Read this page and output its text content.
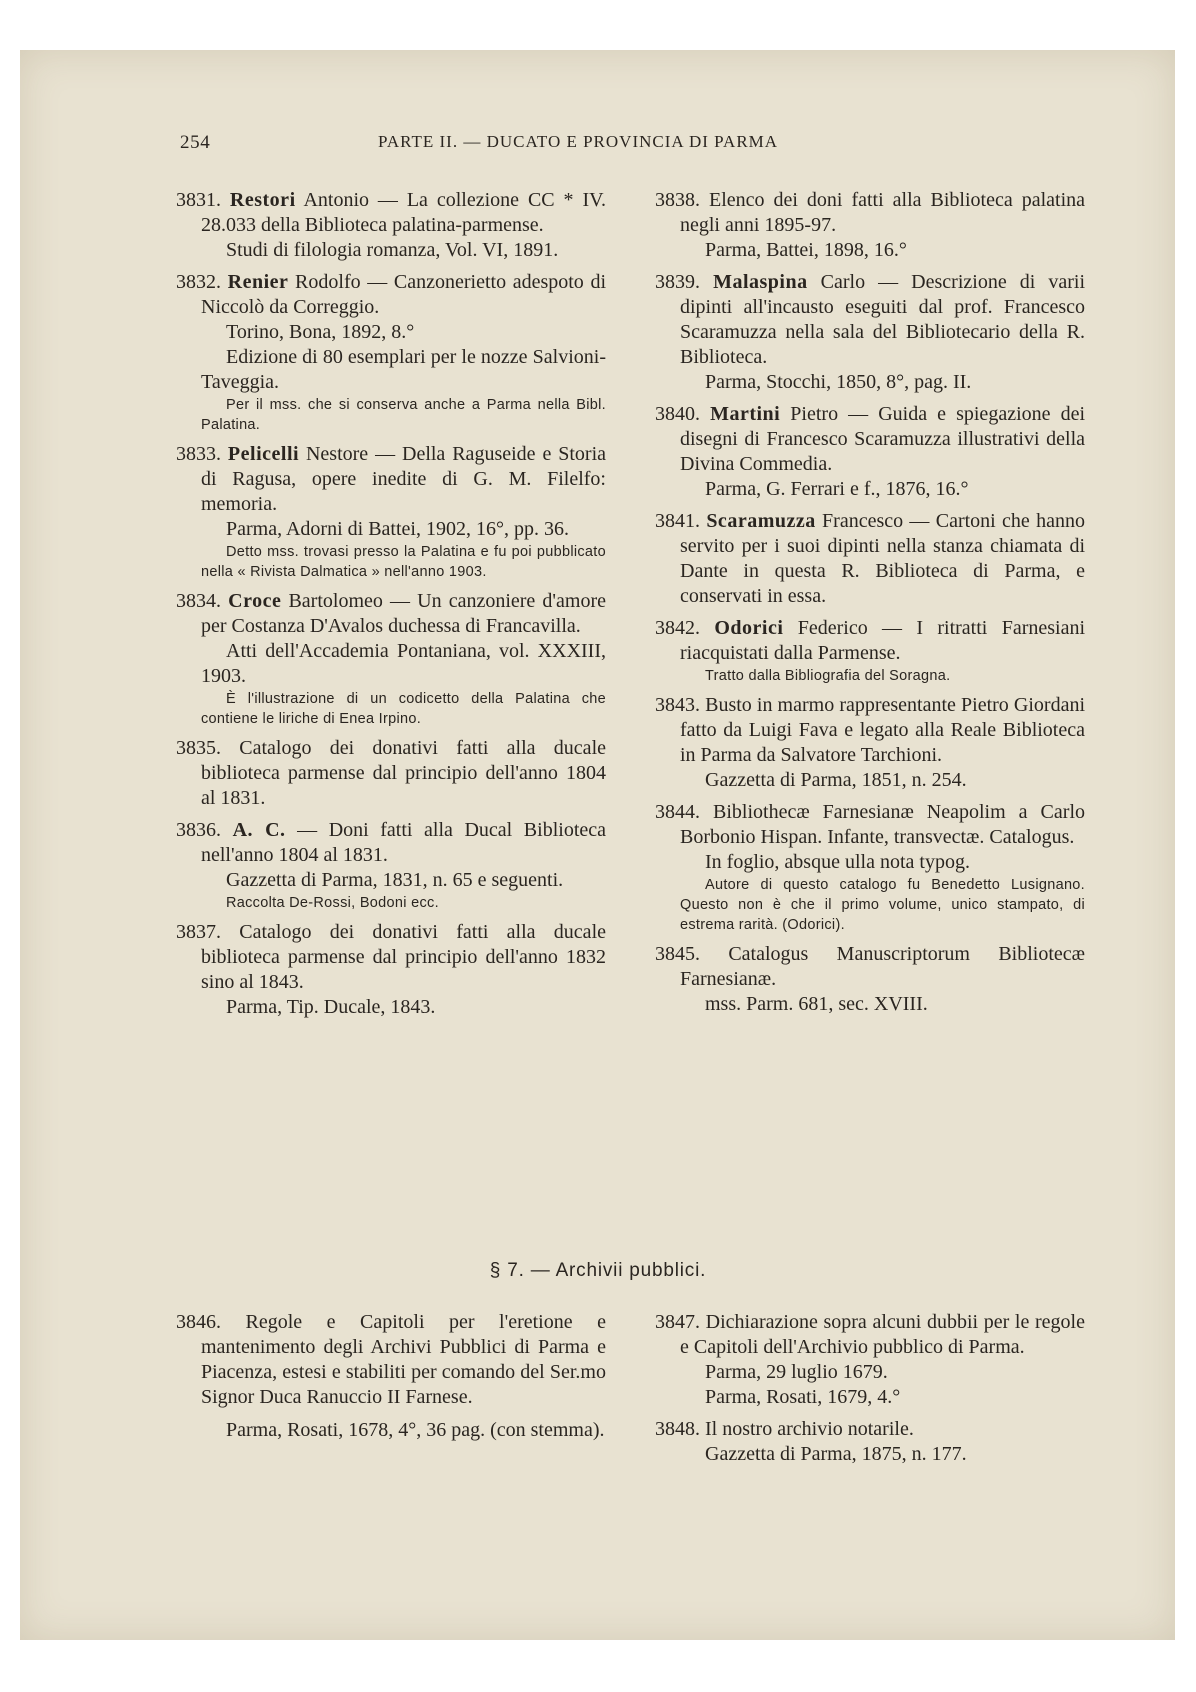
254	PARTE II. — DUCATO E PROVINCIA DI PARMA
3831. Restori Antonio — La collezione CC * IV. 28.033 della Biblioteca palatina-parmense.
Studi di filologia romanza, Vol. VI, 1891.
3832. Renier Rodolfo — Canzonerietto adespoto di Niccolò da Correggio.
Torino, Bona, 1892, 8.°
Edizione di 80 esemplari per le nozze Salvioni-Taveggia.
Per il mss. che si conserva anche a Parma nella Bibl. Palatina.
3833. Pelicelli Nestore — Della Raguseide e Storia di Ragusa, opere inedite di G. M. Filelfo: memoria.
Parma, Adorni di Battei, 1902, 16°, pp. 36.
Detto mss. trovasi presso la Palatina e fu poi pubblicato nella « Rivista Dalmatica » nell'anno 1903.
3834. Croce Bartolomeo — Un canzoniere d'amore per Costanza D'Avalos duchessa di Francavilla.
Atti dell'Accademia Pontaniana, vol. XXXIII, 1903.
È l'illustrazione di un codicetto della Palatina che contiene le liriche di Enea Irpino.
3835. Catalogo dei donativi fatti alla ducale biblioteca parmense dal principio dell'anno 1804 al 1831.
3836. A. C. — Doni fatti alla Ducal Biblioteca nell'anno 1804 al 1831.
Gazzetta di Parma, 1831, n. 65 e seguenti.
Raccolta De-Rossi, Bodoni ecc.
3837. Catalogo dei donativi fatti alla ducale biblioteca parmense dal principio dell'anno 1832 sino al 1843.
Parma, Tip. Ducale, 1843.
3838. Elenco dei doni fatti alla Biblioteca palatina negli anni 1895-97.
Parma, Battei, 1898, 16.°
3839. Malaspina Carlo — Descrizione di varii dipinti all'incausto eseguiti dal prof. Francesco Scaramuzza nella sala del Bibliotecario della R. Biblioteca.
Parma, Stocchi, 1850, 8°, pag. II.
3840. Martini Pietro — Guida e spiegazione dei disegni di Francesco Scaramuzza illustrativi della Divina Commedia.
Parma, G. Ferrari e f., 1876, 16.°
3841. Scaramuzza Francesco — Cartoni che hanno servito per i suoi dipinti nella stanza chiamata di Dante in questa R. Biblioteca di Parma, e conservati in essa.
3842. Odorici Federico — I ritratti Farnesiani riacquistati dalla Parmense.
Tratto dalla Bibliografia del Soragna.
3843. Busto in marmo rappresentante Pietro Giordani fatto da Luigi Fava e legato alla Reale Biblioteca in Parma da Salvatore Tarchioni.
Gazzetta di Parma, 1851, n. 254.
3844. Bibliothecæ Farnesianæ Neapolim a Carlo Borbonio Hispan. Infante, transvectæ. Catalogus.
In foglio, absque ulla nota typog.
Autore di questo catalogo fu Benedetto Lusignano. Questo non è che il primo volume, unico stampato, di estrema rarità. (Odorici).
3845. Catalogus Manuscriptorum Bibliotecæ Farnesianæ.
mss. Parm. 681, sec. XVIII.
§ 7. — Archivii pubblici.
3846. Regole e Capitoli per l'eretione e mantenimento degli Archivi Pubblici di Parma e Piacenza, estesi e stabiliti per comando del Ser.mo Signor Duca Ranuccio II Farnese.
Parma, Rosati, 1678, 4°, 36 pag. (con stemma).
3847. Dichiarazione sopra alcuni dubbii per le regole e Capitoli dell'Archivio pubblico di Parma.
Parma, 29 luglio 1679.
Parma, Rosati, 1679, 4.°
3848. Il nostro archivio notarile.
Gazzetta di Parma, 1875, n. 177.
